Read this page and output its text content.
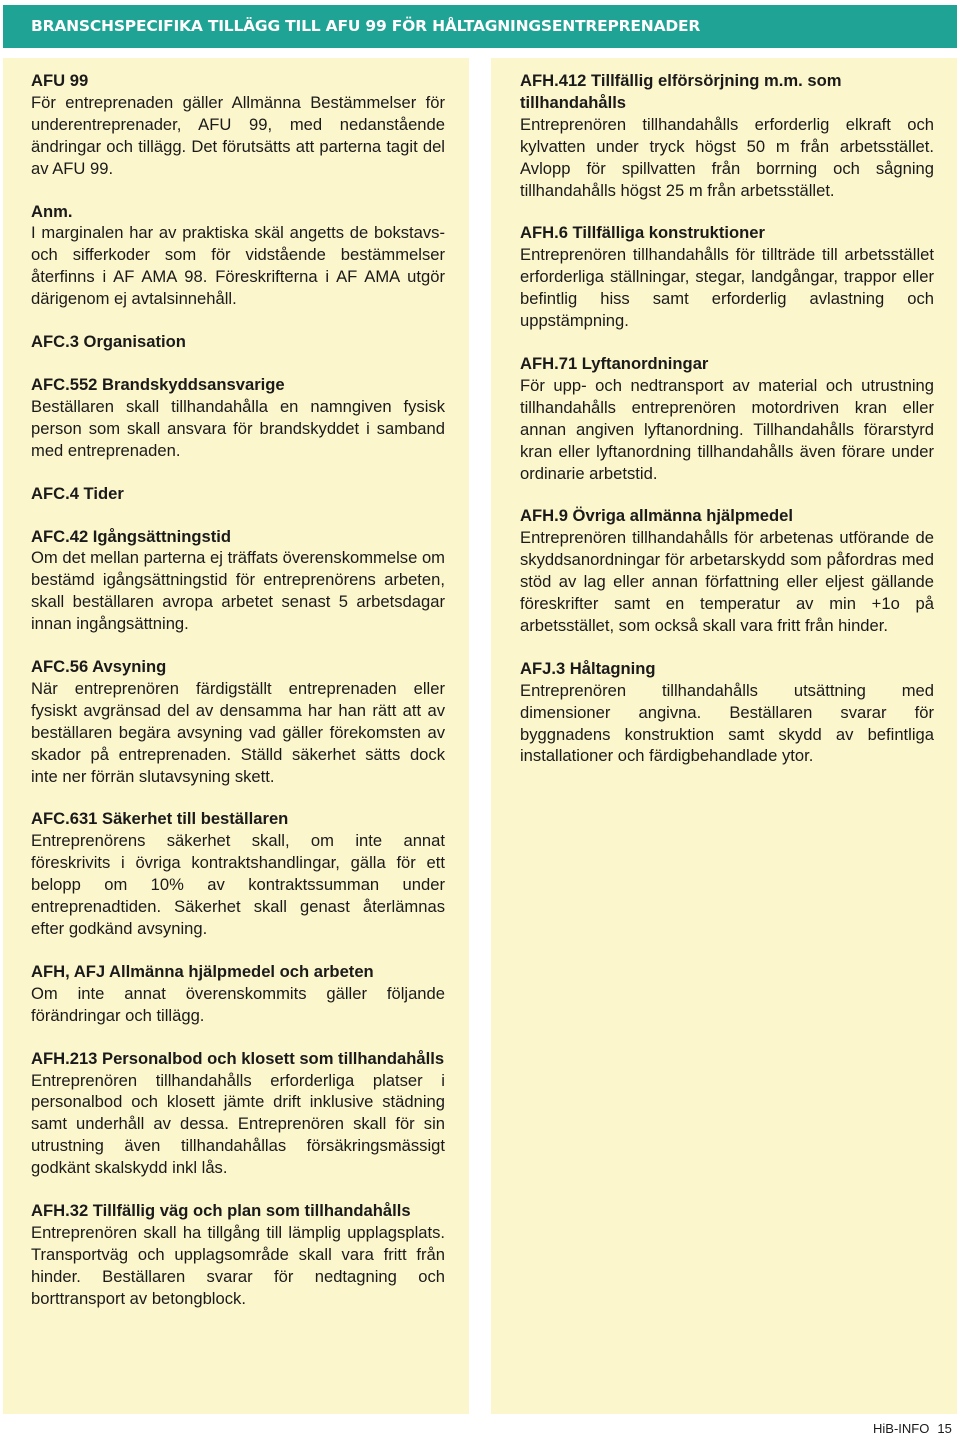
BRANSCHSPECIFIKA TILLÄGG TILL AFU 99 FÖR HÅLTAGNINGSENTREPRENADER

AFU 99

För entreprenaden gäller Allmänna Bestämmelser för underentreprenader, AFU 99, med nedanstående ändringar och tillägg. Det förutsätts att parterna tagit del av AFU 99.

Anm.

I marginalen har av praktiska skäl angetts de bokstavs- och sifferkoder som för vidstående bestämmelser återfinns i AF AMA 98. Föreskrifterna i AF AMA utgör därigenom ej avtalsinnehåll.

AFC.3 Organisation

AFC.552 Brandskyddsansvarige

Beställaren skall tillhandahålla en namngiven fysisk person som skall ansvara för brandskyddet i samband med entreprenaden.

AFC.4 Tider

AFC.42 Igångsättningstid

Om det mellan parterna ej träffats överenskommelse om bestämd igångsättningstid för entreprenörens arbeten, skall beställaren avropa arbetet senast 5 arbetsdagar innan ingångsättning.

AFC.56 Avsyning

När entreprenören färdigställt entreprenaden eller fysiskt avgränsad del av densamma har han rätt att av beställaren begära avsyning vad gäller förekomsten av skador på entreprenaden. Ställd säkerhet sätts dock inte ner förrän slutavsyning skett.

AFC.631 Säkerhet till beställaren

Entreprenörens säkerhet skall, om inte annat föreskrivits i övriga kontraktshandlingar, gälla för ett belopp om 10% av kontraktssumman under entreprenadtiden. Säkerhet skall genast återlämnas efter godkänd avsyning.

AFH, AFJ Allmänna hjälpmedel och arbeten

Om inte annat överenskommits gäller följande förändringar och tillägg.

AFH.213 Personalbod och klosett som tillhandahålls

Entreprenören tillhandahålls erforderliga platser i personalbod och klosett jämte drift inklusive städning samt underhåll av dessa. Entreprenören skall för sin utrustning även tillhandahållas försäkringsmässigt godkänt skalskydd inkl lås.

AFH.32 Tillfällig väg och plan som tillhandahålls

Entreprenören skall ha tillgång till lämplig upplagsplats. Transportväg och upplagsområde skall vara fritt från hinder. Beställaren svarar för nedtagning och borttransport av betongblock.

AFH.412 Tillfällig elförsörjning m.m. som tillhandahålls

Entreprenören tillhandahålls erforderlig elkraft och kylvatten under tryck högst 50 m från arbetsstället. Avlopp för spillvatten från borrning och sågning tillhandahålls högst 25 m från arbetsstället.

AFH.6 Tillfälliga konstruktioner

Entreprenören tillhandahålls för tillträde till arbetsstället erforderliga ställningar, stegar, landgångar, trappor eller befintlig hiss samt erforderlig avlastning och uppstämpning.

AFH.71 Lyftanordningar

För upp- och nedtransport av material och utrustning tillhandahålls entreprenören motordriven kran eller annan angiven lyftanordning. Tillhandahålls förarstyrd kran eller lyftanordning tillhandahålls även förare under ordinarie arbetstid.

AFH.9 Övriga allmänna hjälpmedel

Entreprenören tillhandahålls för arbetenas utförande de skyddsanordningar för arbetarskydd som påfordras med stöd av lag eller annan författning eller eljest gällande föreskrifter samt en temperatur av min +1o på arbetsstället, som också skall vara fritt från hinder.

AFJ.3 Håltagning

Entreprenören tillhandahålls utsättning med dimensioner angivna. Beställaren svarar för byggnadens konstruktion samt skydd av befintliga installationer och färdigbehandlade ytor.

HiB-INFO 15
